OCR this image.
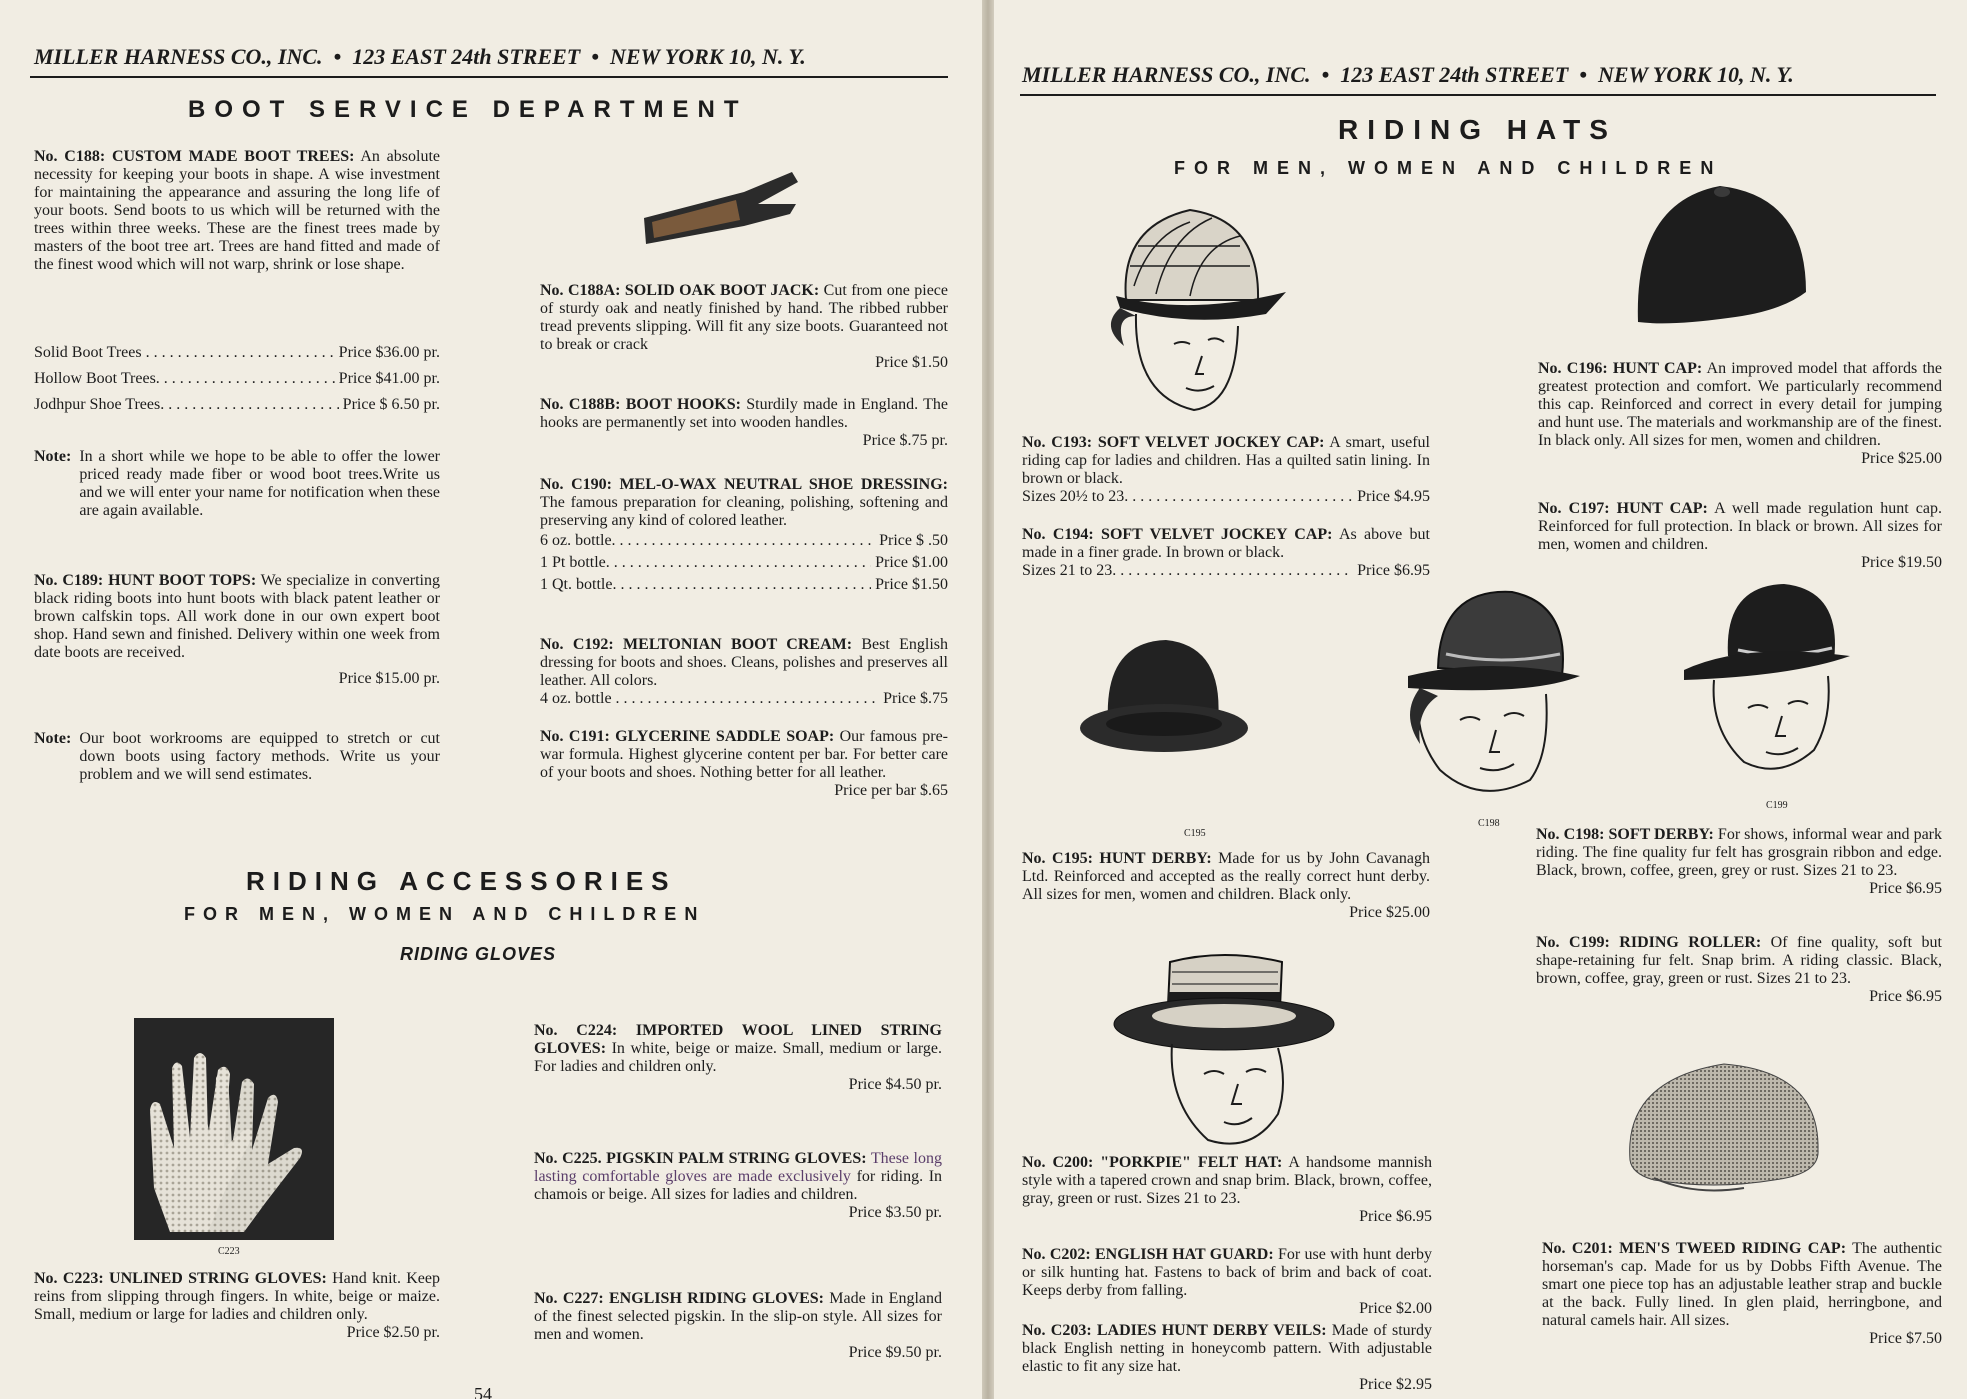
MILLER HARNESS CO., INC.  •  123 EAST 24th STREET  •  NEW YORK 10, N. Y.
BOOT SERVICE DEPARTMENT
No. C188: CUSTOM MADE BOOT TREES: An absolute necessity for keeping your boots in shape. A wise investment for maintaining the appearance and assuring the long life of your boots. Send boots to us which will be returned with the trees within three weeks. These are the finest trees made by masters of the boot tree art. Trees are hand fitted and made of the finest wood which will not warp, shrink or lose shape.
Solid Boot Trees . . .	Price $36.00 pr.
Hollow Boot Trees. . . .	Price $41.00 pr.
Jodhpur Shoe Trees. . . .	Price $ 6.50 pr.
Note: In a short while we hope to be able to offer the lower priced ready made fiber or wood boot trees.Write us and we will enter your name for notification when these are again available.
No. C189: HUNT BOOT TOPS: We specialize in converting black riding boots into hunt boots with black patent leather or brown calfskin tops. All work done in our own expert boot shop. Hand sewn and finished. Delivery within one week from date boots are received.
Price $15.00 pr.
Note: Our boot workrooms are equipped to stretch or cut down boots using factory methods. Write us your problem and we will send estimates.
No. C188A: SOLID OAK BOOT JACK: Cut from one piece of sturdy oak and neatly finished by hand. The ribbed rubber tread prevents slipping. Will fit any size boots. Guaranteed not to break or crack
Price $1.50
No. C188B: BOOT HOOKS: Sturdily made in England. The hooks are permanently set into wooden handles.
Price $.75 pr.
No. C190: MEL-O-WAX NEUTRAL SHOE DRESSING: The famous preparation for cleaning, polishing, softening and preserving any kind of colored leather.
6 oz. bottle. . . .	Price $ .50
1 Pt bottle. . . .	Price $1.00
1 Qt. bottle. . . .	Price $1.50
No. C192: MELTONIAN BOOT CREAM: Best English dressing for boots and shoes. Cleans, polishes and preserves all leather. All colors.
4 oz. bottle . . .	Price $.75
No. C191: GLYCERINE SADDLE SOAP: Our famous pre-war formula. Highest glycerine content per bar. For better care of your boots and shoes. Nothing better for all leather.
Price per bar $.65
RIDING ACCESSORIES
FOR MEN, WOMEN AND CHILDREN
RIDING GLOVES
C223
No. C223: UNLINED STRING GLOVES: Hand knit. Keep reins from slipping through fingers. In white, beige or maize. Small, medium or large for ladies and children only.
Price $2.50 pr.
No. C224: IMPORTED WOOL LINED STRING GLOVES: In white, beige or maize. Small, medium or large. For ladies and children only.
Price $4.50 pr.
No. C225. PIGSKIN PALM STRING GLOVES: These long lasting comfortable gloves are made exclusively for riding. In chamois or beige. All sizes for ladies and children.
Price $3.50 pr.
No. C227: ENGLISH RIDING GLOVES: Made in England of the finest selected pigskin. In the slip-on style. All sizes for men and women.
Price $9.50 pr.
54
MILLER HARNESS CO., INC.  •  123 EAST 24th STREET  •  NEW YORK 10, N. Y.
RIDING HATS
FOR MEN, WOMEN AND CHILDREN
No. C193: SOFT VELVET JOCKEY CAP: A smart, useful riding cap for ladies and children. Has a quilted satin lining. In brown or black.
Sizes 20½ to 23. . . .	Price $4.95
No. C194: SOFT VELVET JOCKEY CAP: As above but made in a finer grade. In brown or black.
Sizes 21 to 23. . . .	Price $6.95
No. C196: HUNT CAP: An improved model that affords the greatest protection and comfort. We particularly recommend this cap. Reinforced and correct in every detail for jumping and hunt use. The materials and workmanship are of the finest. In black only. All sizes for men, women and children.
Price $25.00
No. C197: HUNT CAP: A well made regulation hunt cap. Reinforced for full protection. In black or brown. All sizes for men, women and children.
Price $19.50
C195
C198
C199
No. C195: HUNT DERBY: Made for us by John Cavanagh Ltd. Reinforced and accepted as the really correct hunt derby. All sizes for men, women and children. Black only.
Price $25.00
No. C198: SOFT DERBY: For shows, informal wear and park riding. The fine quality fur felt has grosgrain ribbon and edge. Black, brown, coffee, green, grey or rust. Sizes 21 to 23.
Price $6.95
No. C199: RIDING ROLLER: Of fine quality, soft but shape-retaining fur felt. Snap brim. A riding classic. Black, brown, coffee, gray, green or rust. Sizes 21 to 23.
Price $6.95
No. C200: "PORKPIE" FELT HAT: A handsome mannish style with a tapered crown and snap brim. Black, brown, coffee, gray, green or rust. Sizes 21 to 23.
Price $6.95
No. C202: ENGLISH HAT GUARD: For use with hunt derby or silk hunting hat. Fastens to back of brim and back of coat. Keeps derby from falling.
Price $2.00
No. C203: LADIES HUNT DERBY VEILS: Made of sturdy black English netting in honeycomb pattern. With adjustable elastic to fit any size hat.
Price $2.95
No. C201: MEN'S TWEED RIDING CAP: The authentic horseman's cap. Made for us by Dobbs Fifth Avenue. The smart one piece top has an adjustable leather strap and buckle at the back. Fully lined. In glen plaid, herringbone, and natural camels hair. All sizes.
Price $7.50
